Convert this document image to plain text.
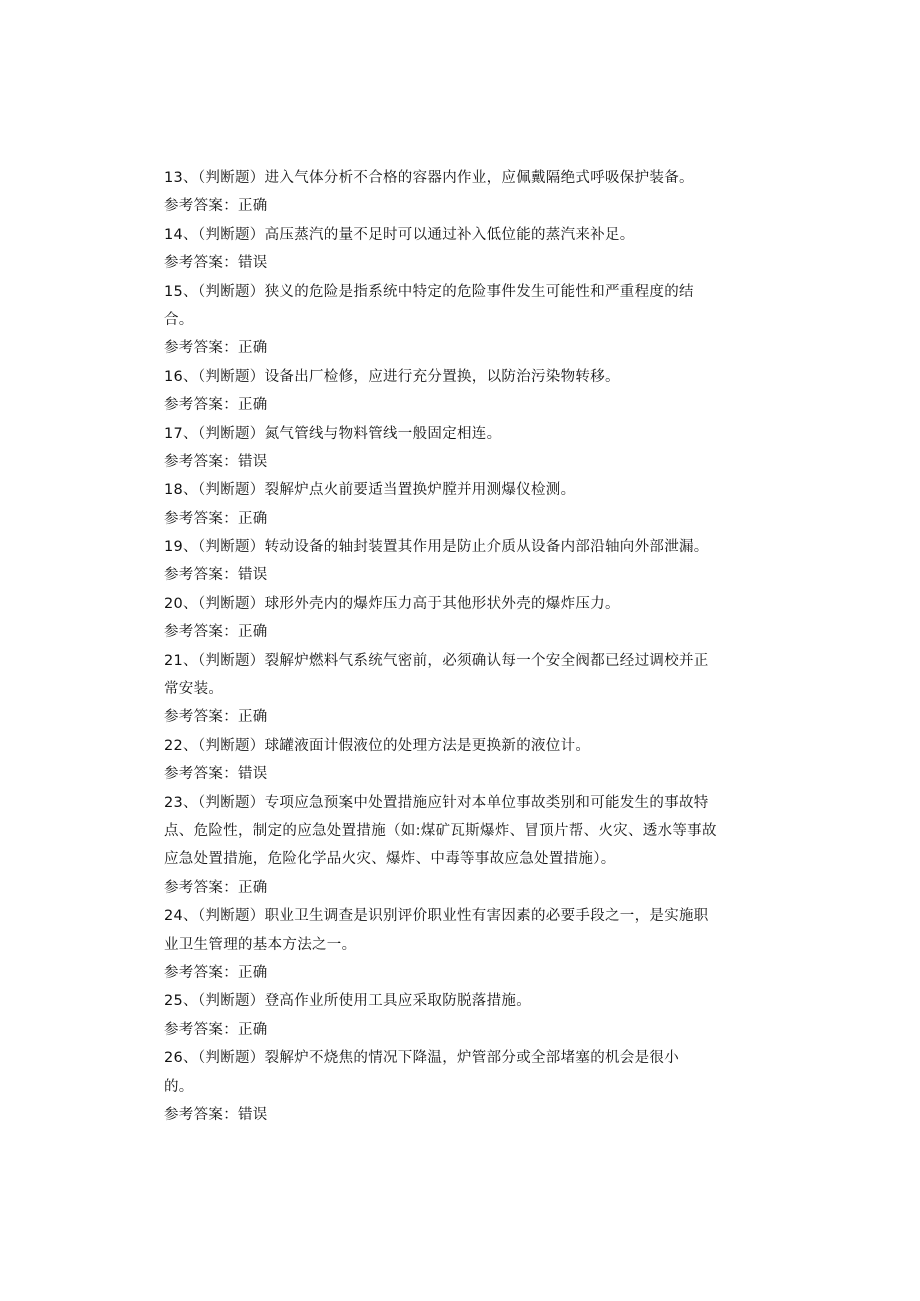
13、（判断题）进入气体分析不合格的容器内作业，应佩戴隔绝式呼吸保护装备。
参考答案：正确
14、（判断题）高压蒸汽的量不足时可以通过补入低位能的蒸汽来补足。
参考答案：错误
15、（判断题）狭义的危险是指系统中特定的危险事件发生可能性和严重程度的结
合。
参考答案：正确
16、（判断题）设备出厂检修，应进行充分置换，以防治污染物转移。
参考答案：正确
17、（判断题）氮气管线与物料管线一般固定相连。
参考答案：错误
18、（判断题）裂解炉点火前要适当置换炉膛并用测爆仪检测。
参考答案：正确
19、（判断题）转动设备的轴封装置其作用是防止介质从设备内部沿轴向外部泄漏。
参考答案：错误
20、（判断题）球形外壳内的爆炸压力高于其他形状外壳的爆炸压力。
参考答案：正确
21、（判断题）裂解炉燃料气系统气密前，必须确认每一个安全阀都已经过调校并正
常安装。
参考答案：正确
22、（判断题）球罐液面计假液位的处理方法是更换新的液位计。
参考答案：错误
23、（判断题）专项应急预案中处置措施应针对本单位事故类别和可能发生的事故特
点、危险性，制定的应急处置措施（如:煤矿瓦斯爆炸、冒顶片帮、火灾、透水等事故
应急处置措施，危险化学品火灾、爆炸、中毒等事故应急处置措施）。
参考答案：正确
24、（判断题）职业卫生调查是识别评价职业性有害因素的必要手段之一，是实施职
业卫生管理的基本方法之一。
参考答案：正确
25、（判断题）登高作业所使用工具应采取防脱落措施。
参考答案：正确
26、（判断题）裂解炉不烧焦的情况下降温，炉管部分或全部堵塞的机会是很小
的。
参考答案：错误
